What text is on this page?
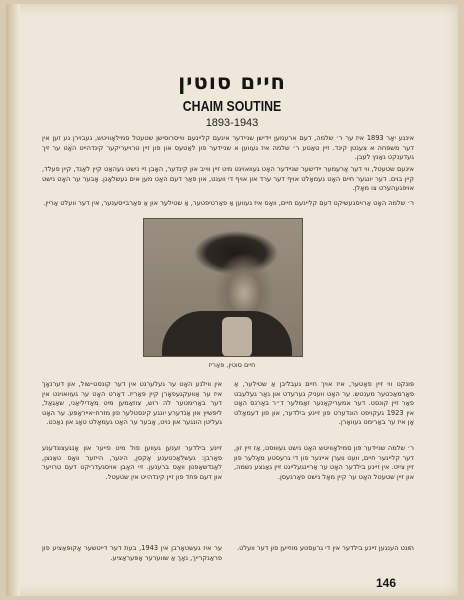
חיים סוטין
CHAIM SOUTINE
1893-1943

אינגע יאָר 1893 איז ער ר׳ שלמה, דעם ארעמען יידישן שניידער אינעם קליינעם ווייסרוסישן שטעטל סמילאָוויטש, געבוירן גע זען אין דער משפּחה א צענטן קינד. זיין טאַטע ר׳ שלמה איז געווען א שניידער פון לאַטעס און פון זיין טרויעריקער קינדהייט האָט ער זיך געדענקט גאַנץ לעבן.

אינעם שטעטל, ווי דער אָרעמער יידישער שניידער האָט געוואוינט מיט זיין ווייב און קינדער, האָבן זיי נישט געהאַט קיין לאַנד, קיין פעלד, קיין בוים. דער יונגער חיים האָט געמאָלט אויף דער ערד און אויף די ווענט, און פאַר דעם האָט מען אים געשלאָגן. אָבער ער האָט נישט אויפגעהערט צו מאָלן.

ר׳ שלמה האָט אַרויסגעשיקט דעם קליינעם חיים, וואָס איז געווען אַ פאַרטיפטער, אַ שטילער און אַ פאַרבייסענער, אין דער וועלט אַריין.

חיים סוטין, פּאַריז

אין ווילנע האָט ער געלערנט אין דער קונסט-שול, און דערנאָך איז ער אַוועקגעפאָרן קיין פּאַריז. דאָרט האָט ער געוואוינט אין דער באַרימטער לה רוש, צוזאַמען מיט מאָדיליאַני, שאַגאַל, ליפּשיץ און אַנדערע יונגע קינסטלער פון מזרח-אייראָפּע. ער האָט געליטן הונגער און נויט, אָבער ער האָט געמאָלט טאָג און נאַכט.

זיינע בילדער זענען געווען פול מיט פייער און אָנגעצונדענע פאַרבן: געשלאַכטענע אָקסן, הינער, הייזער וואָס טאַנצן, לאַנדשאַפטן וואָס ברענען. זיי האָבן אויסגעדריקט דעם טרויער און דעם פּחד פון זיין קינדהייט אין שטעטל.

ער איז געשטאָרבן אין 1943, בעת דער דייטשער אָקופּאַציע פון פראַנקרייך, נאָך אַ שווערער אָפּעראַציע.

פּונקט ווי זיין פאָטער, איז אויך חיים געבליבן אַ שטילער, אַ פאַרמאַכטער מענטש. ער האָט וועניק גערעדט און נאָר געלעבט פאַר זיין קונסט. דער אמעריקאַנער זאַמלער ד״ר באַרנס האָט אין 1923 געקויפט הונדערט פון זיינע בילדער, און פון דעמאָלט אָן איז ער באַרימט געוואָרן.

ר׳ שלמה שניידער פון סמילאָוויטש האָט נישט געוווּסט, אַז זיין זון, דער קליינער חיים, וועט ווערן איינער פון די גרעסטע מאָלער פון זיין צייט. אין זיינע בילדער האָט ער אַריינגעלייגט זיין גאַנצע נשמה, און זיין שטעטל האָט ער קיין מאָל נישט פאַרגעסן.

הײַנט הענגען זיינע בילדער אין די גרעסטע מוזייען פון דער וועלט.

146
